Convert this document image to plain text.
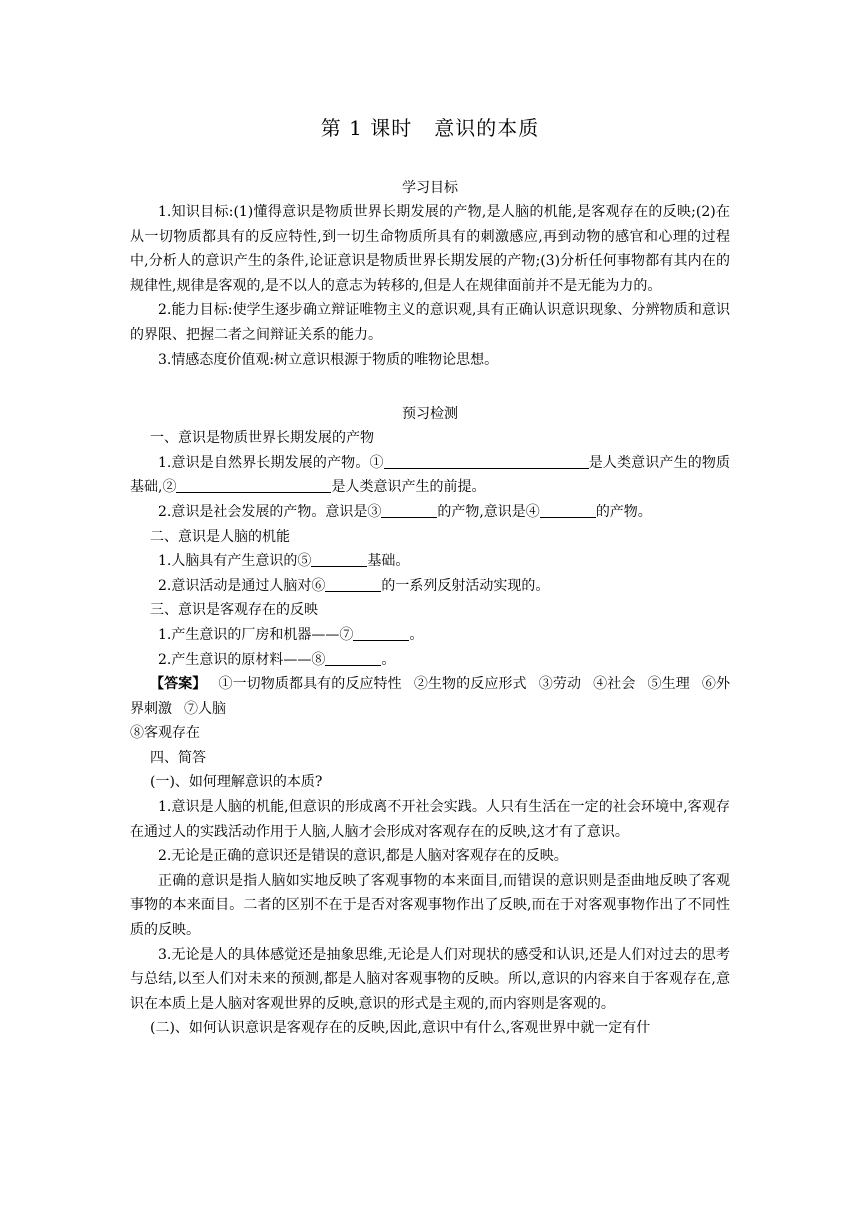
第 1 课时 意识的本质
学习目标

1.知识目标:(1)懂得意识是物质世界长期发展的产物,是人脑的机能,是客观存在的反映;(2)在从一切物质都具有的反应特性,到一切生命物质所具有的刺激感应,再到动物的感官和心理的过程中,分析人的意识产生的条件,论证意识是物质世界长期发展的产物;(3)分析任何事物都有其内在的规律性,规律是客观的,是不以人的意志为转移的,但是人在规律面前并不是无能为力的。

2.能力目标:使学生逐步确立辩证唯物主义的意识观,具有正确认识意识现象、分辨物质和意识的界限、把握二者之间辩证关系的能力。

3.情感态度价值观:树立意识根源于物质的唯物论思想。

预习检测

一、意识是物质世界长期发展的产物

1.意识是自然界长期发展的产物。①	是人类意识产生的物质基础,②	是人类意识产生的前提。

2.意识是社会发展的产物。意识是③	的产物,意识是④	的产物。

二、意识是人脑的机能

1.人脑具有产生意识的⑤	基础。

2.意识活动是通过人脑对⑥	的一系列反射活动实现的。

三、意识是客观存在的反映

1.产生意识的厂房和机器——⑦	。

2.产生意识的原材料——⑧	。

【答案】 ①一切物质都具有的反应特性 ②生物的反应形式 ③劳动 ④社会 ⑤生理 ⑥外界刺激 ⑦人脑

⑧客观存在

四、简答

(一)、如何理解意识的本质?

1.意识是人脑的机能,但意识的形成离不开社会实践。人只有生活在一定的社会环境中,客观存在通过人的实践活动作用于人脑,人脑才会形成对客观存在的反映,这才有了意识。

2.无论是正确的意识还是错误的意识,都是人脑对客观存在的反映。

正确的意识是指人脑如实地反映了客观事物的本来面目,而错误的意识则是歪曲地反映了客观事物的本来面目。二者的区别不在于是否对客观事物作出了反映,而在于对客观事物作出了不同性质的反映。

3.无论是人的具体感觉还是抽象思维,无论是人们对现状的感受和认识,还是人们对过去的思考与总结,以至人们对未来的预测,都是人脑对客观事物的反映。所以,意识的内容来自于客观存在,意识在本质上是人脑对客观世界的反映,意识的形式是主观的,而内容则是客观的。

(二)、如何认识意识是客观存在的反映,因此,意识中有什么,客观世界中就一定有什
